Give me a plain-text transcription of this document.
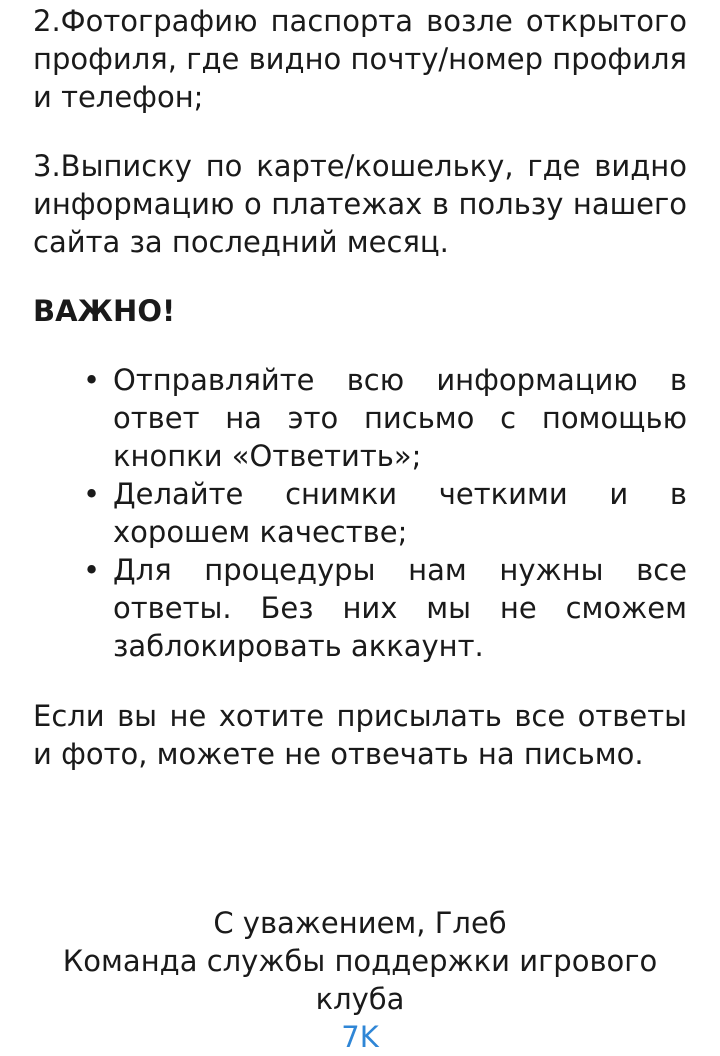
2.Фотографию паспорта возле открытого профиля, где видно почту/номер профиля и телефон;

3.Выписку по карте/кошельку, где видно информацию о платежах в пользу нашего сайта за последний месяц.

ВАЖНО!

• Отправляйте всю информацию в ответ на это письмо с помощью кнопки «Ответить»;
• Делайте снимки четкими и в хорошем качестве;
• Для процедуры нам нужны все ответы. Без них мы не сможем заблокировать аккаунт.

Если вы не хотите присылать все ответы и фото, можете не отвечать на письмо.

С уважением, Глеб
Команда службы поддержки игрового клуба
7K
